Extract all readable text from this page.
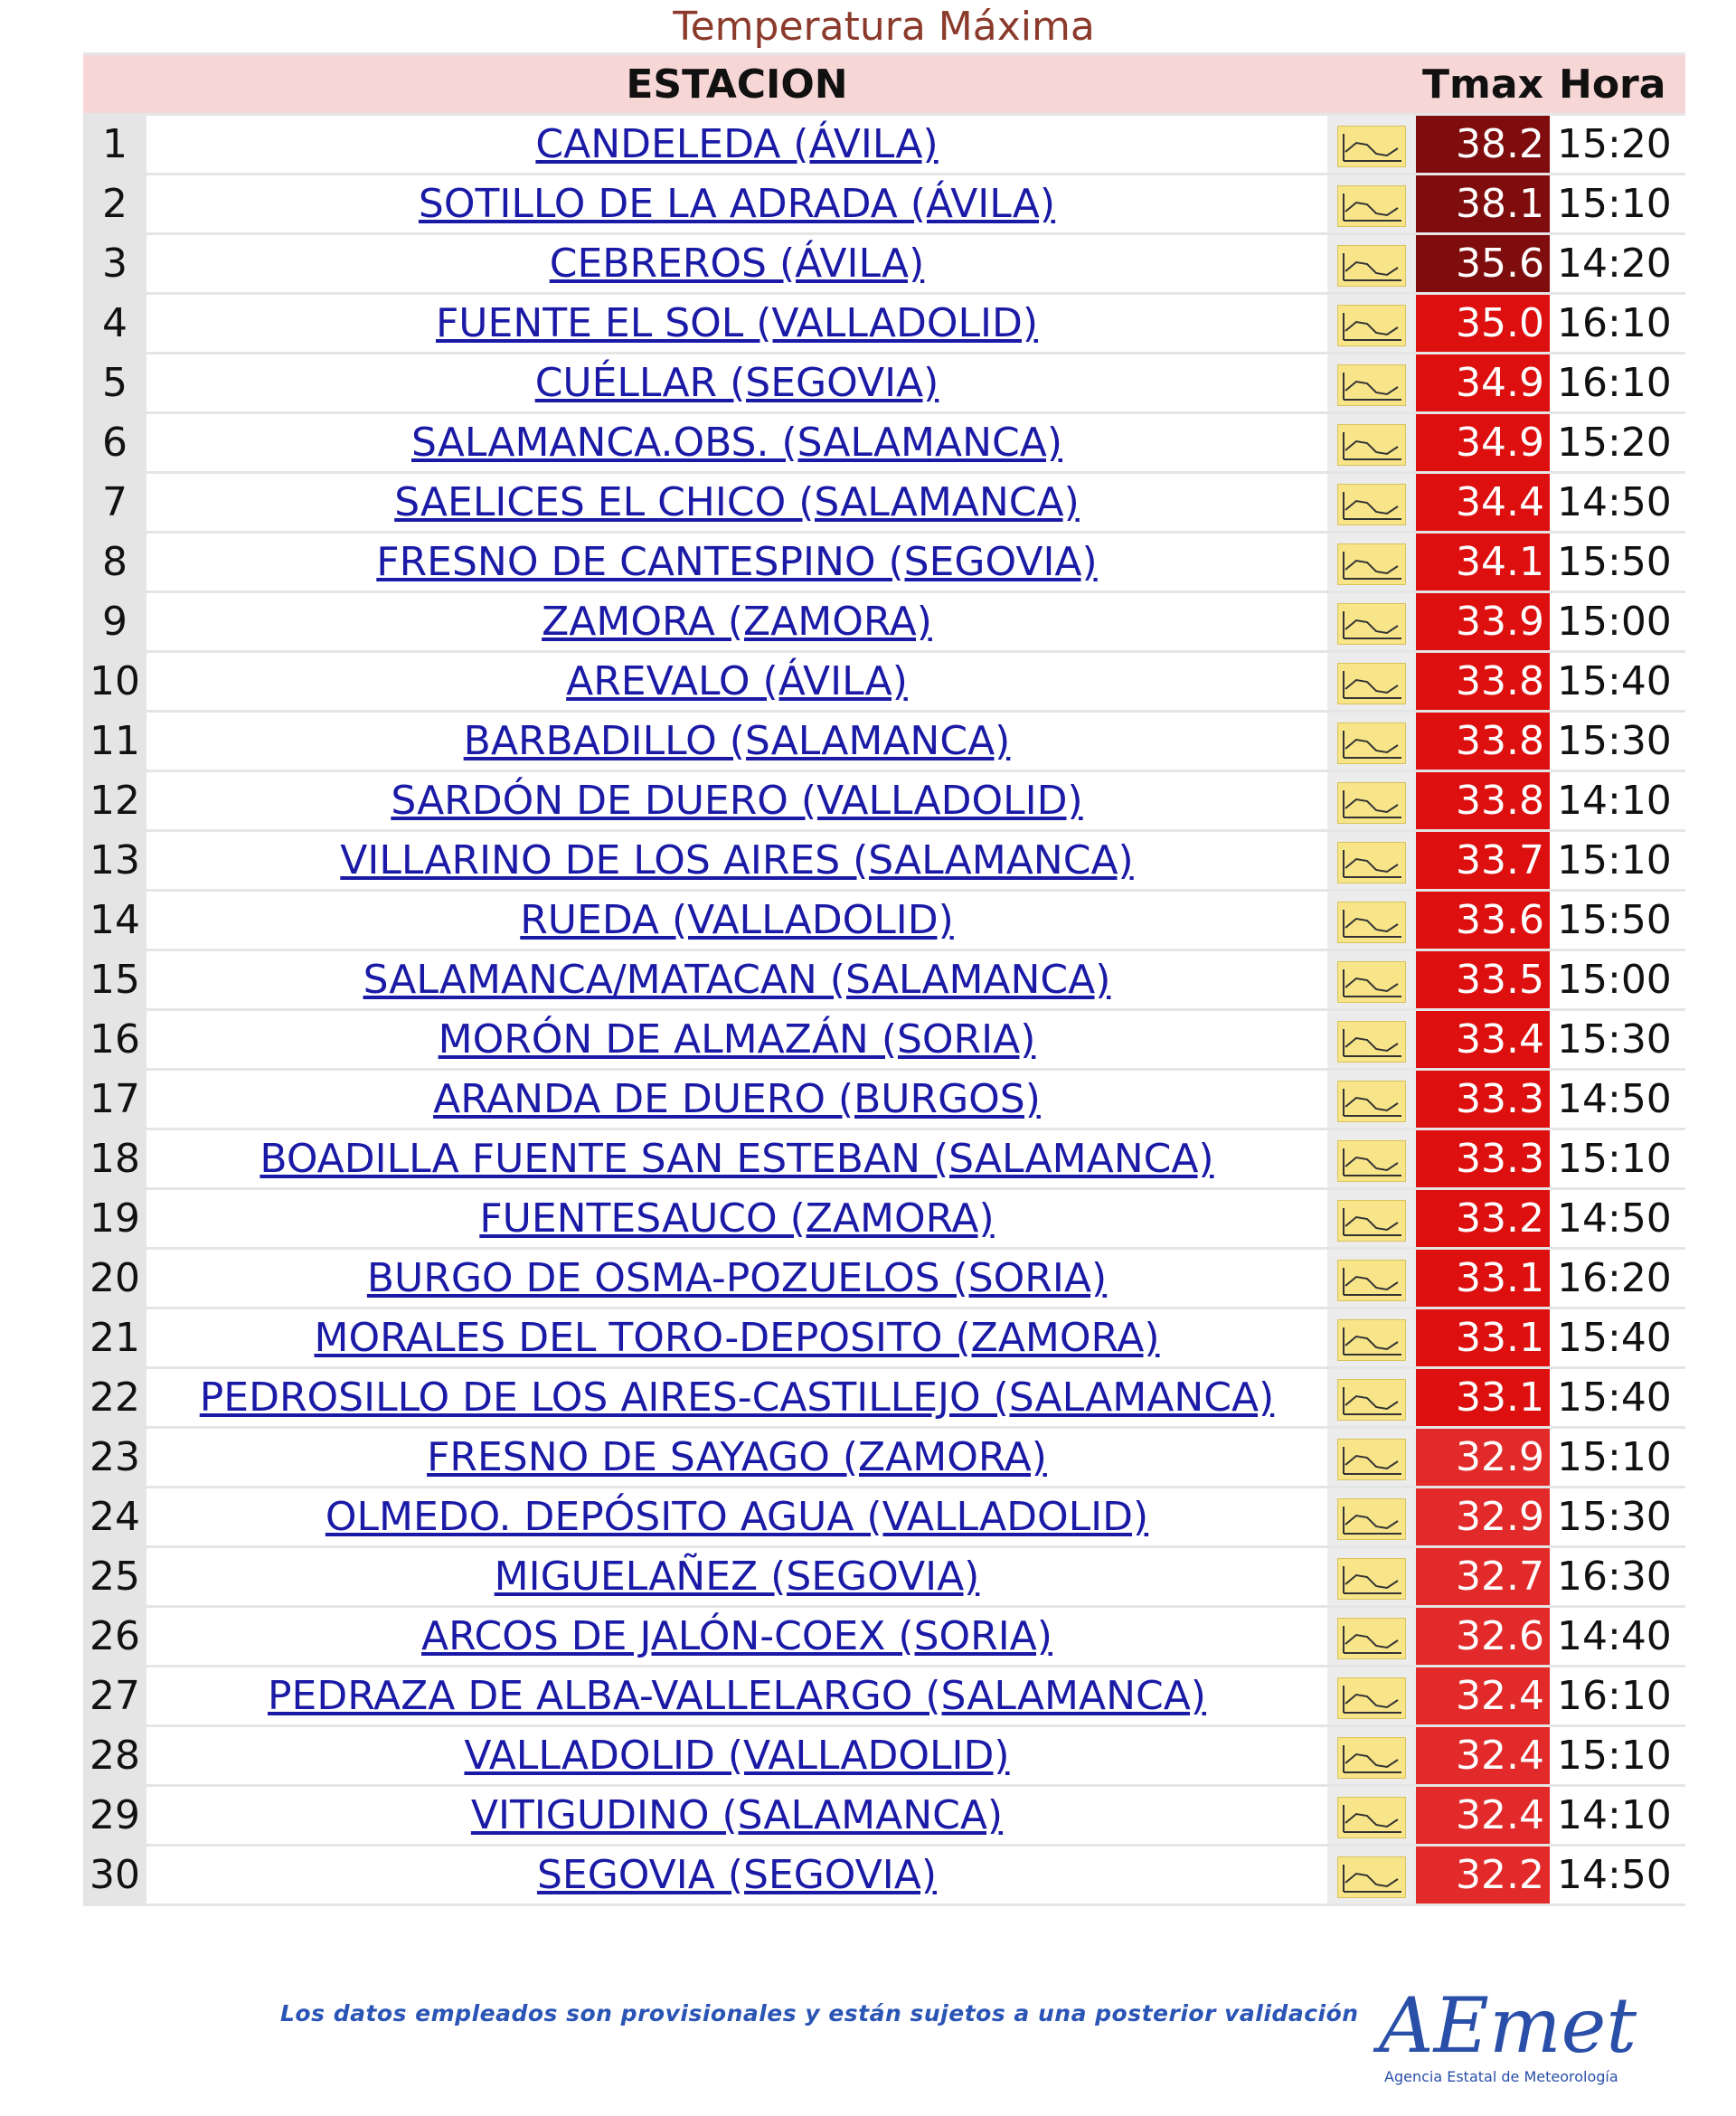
Temperatura Máxima
	ESTACION		Tmax	Hora
1	CANDELEDA (ÁVILA)		38.2	15:20
2	SOTILLO DE LA ADRADA (ÁVILA)		38.1	15:10
3	CEBREROS (ÁVILA)		35.6	14:20
4	FUENTE EL SOL (VALLADOLID)		35.0	16:10
5	CUÉLLAR (SEGOVIA)		34.9	16:10
6	SALAMANCA.OBS. (SALAMANCA)		34.9	15:20
7	SAELICES EL CHICO (SALAMANCA)		34.4	14:50
8	FRESNO DE CANTESPINO (SEGOVIA)		34.1	15:50
9	ZAMORA (ZAMORA)		33.9	15:00
10	AREVALO (ÁVILA)		33.8	15:40
11	BARBADILLO (SALAMANCA)		33.8	15:30
12	SARDÓN DE DUERO (VALLADOLID)		33.8	14:10
13	VILLARINO DE LOS AIRES (SALAMANCA)		33.7	15:10
14	RUEDA (VALLADOLID)		33.6	15:50
15	SALAMANCA/MATACAN (SALAMANCA)		33.5	15:00
16	MORÓN DE ALMAZÁN (SORIA)		33.4	15:30
17	ARANDA DE DUERO (BURGOS)		33.3	14:50
18	BOADILLA FUENTE SAN ESTEBAN (SALAMANCA)		33.3	15:10
19	FUENTESAUCO (ZAMORA)		33.2	14:50
20	BURGO DE OSMA-POZUELOS (SORIA)		33.1	16:20
21	MORALES DEL TORO-DEPOSITO (ZAMORA)		33.1	15:40
22	PEDROSILLO DE LOS AIRES-CASTILLEJO (SALAMANCA)		33.1	15:40
23	FRESNO DE SAYAGO (ZAMORA)		32.9	15:10
24	OLMEDO. DEPÓSITO AGUA (VALLADOLID)		32.9	15:30
25	MIGUELAÑEZ (SEGOVIA)		32.7	16:30
26	ARCOS DE JALÓN-COEX (SORIA)		32.6	14:40
27	PEDRAZA DE ALBA-VALLELARGO (SALAMANCA)		32.4	16:10
28	VALLADOLID (VALLADOLID)		32.4	15:10
29	VITIGUDINO (SALAMANCA)		32.4	14:10
30	SEGOVIA (SEGOVIA)		32.2	14:50
Los datos empleados son provisionales y están sujetos a una posterior validación AEmet
Agencia Estatal de Meteorología
